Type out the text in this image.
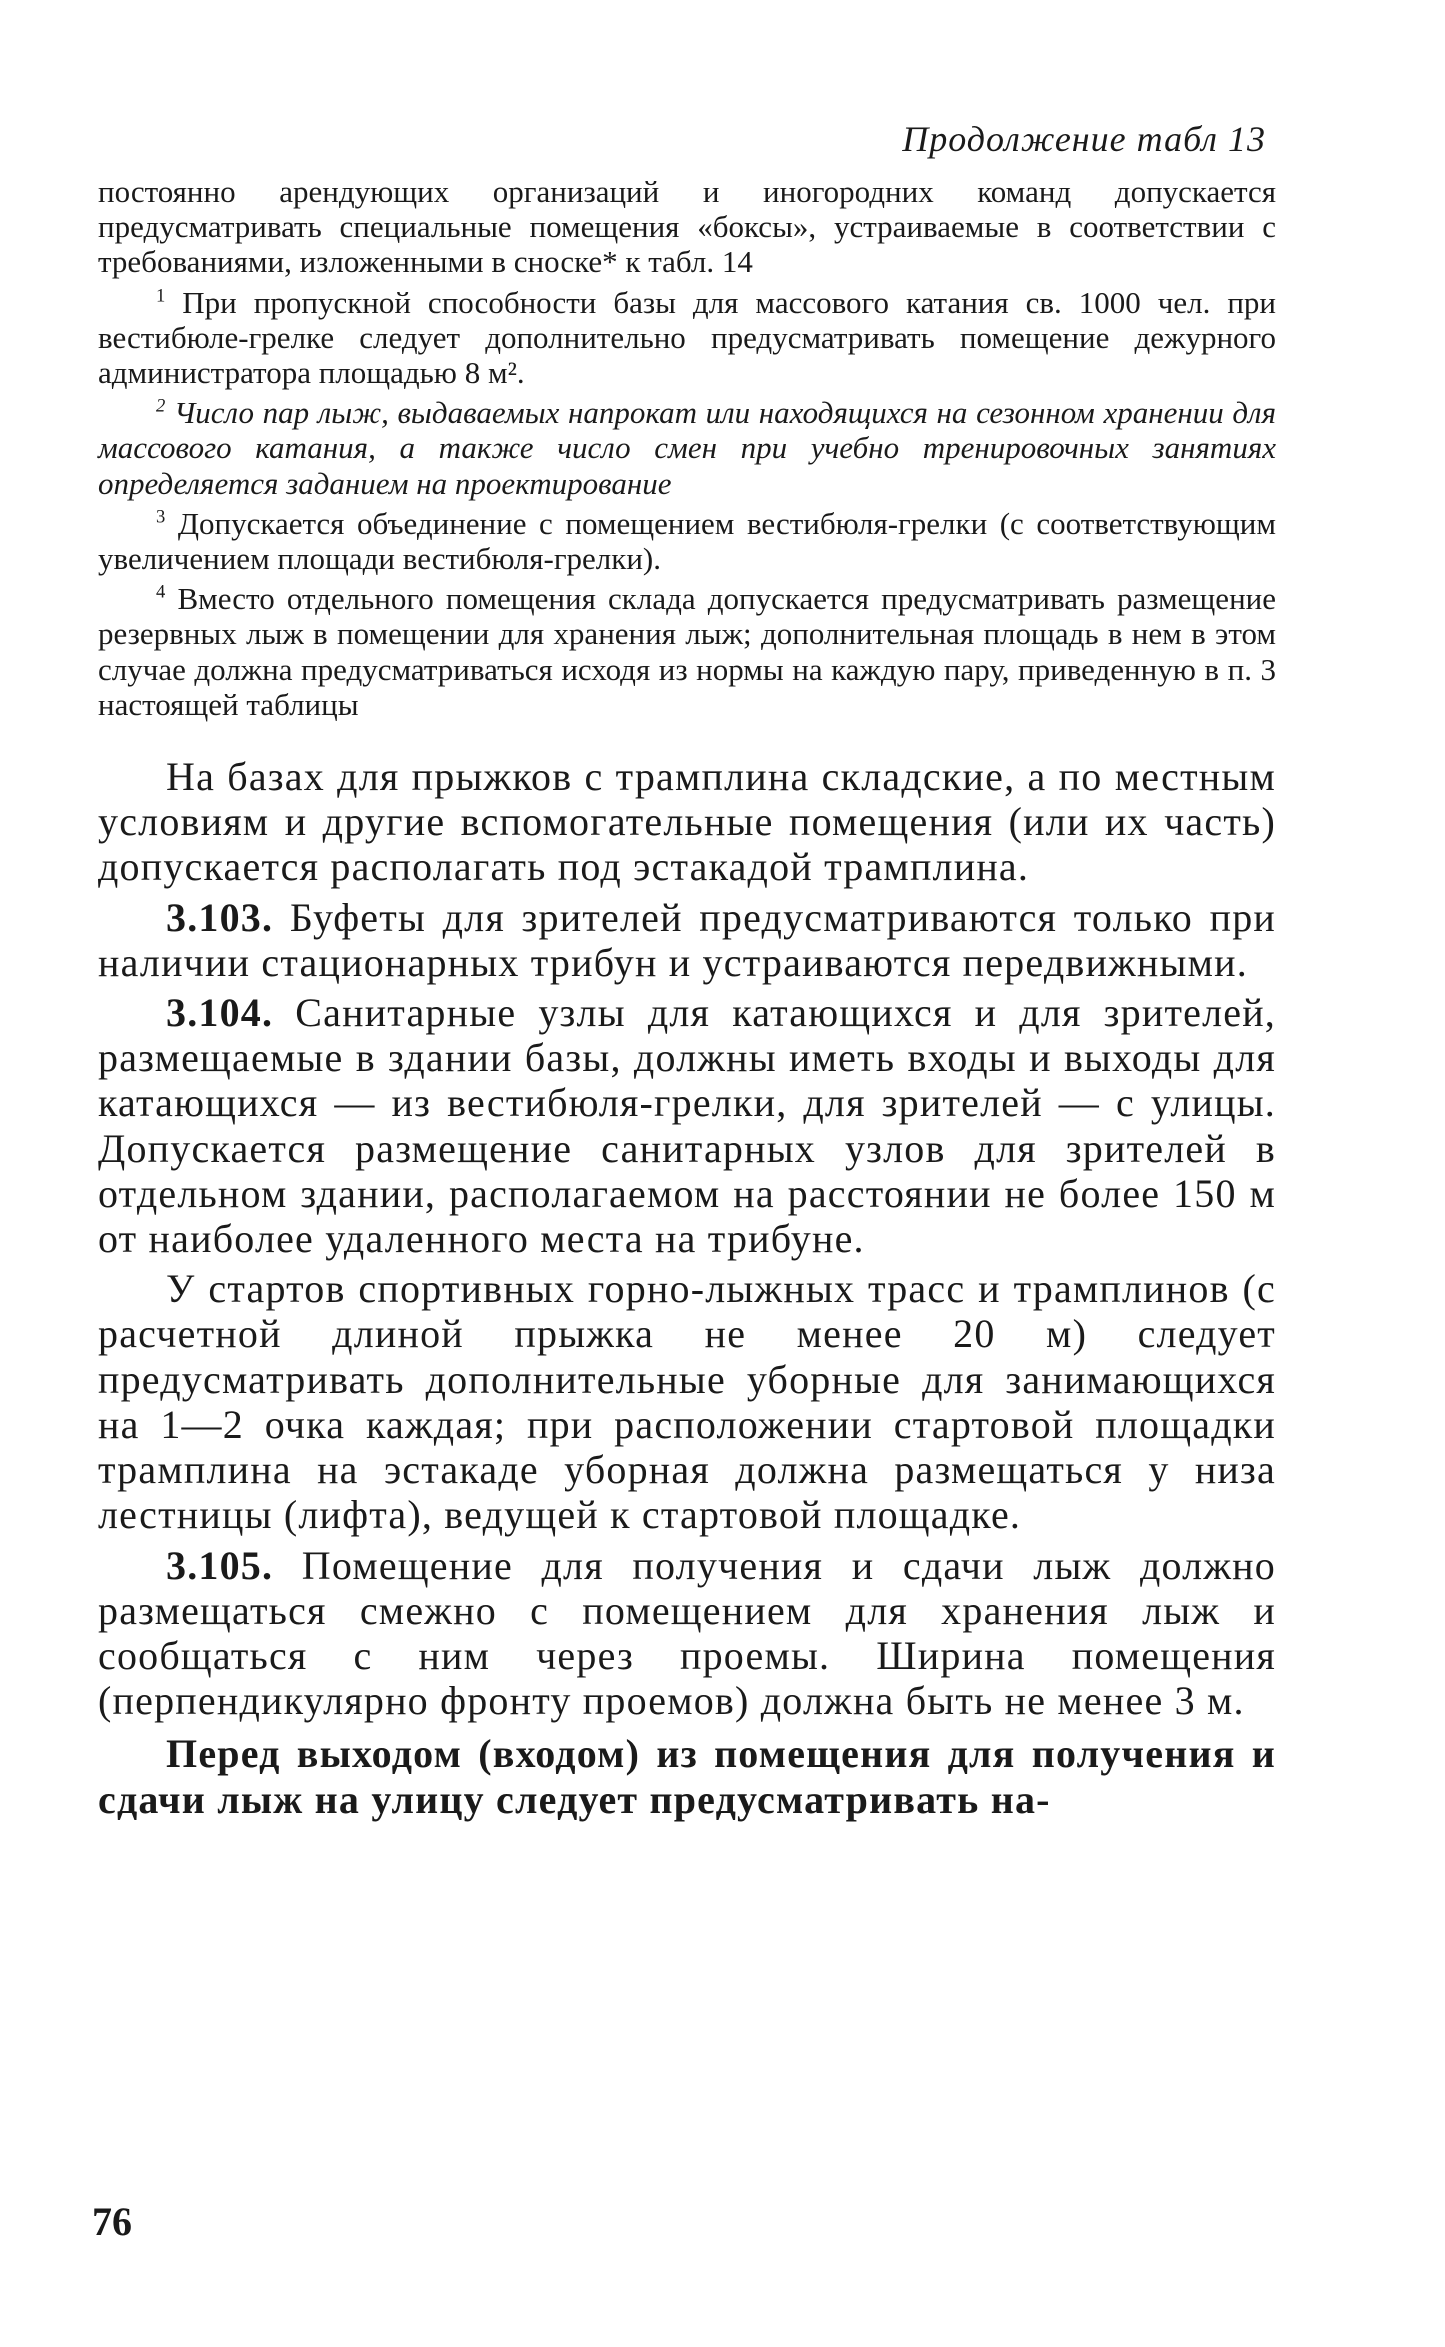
Продолжение табл 13

постоянно арендующих организаций и иногородних команд допускается предусматривать специальные помещения «боксы», устраиваемые в соответствии с требованиями, изложенными в сноске* к табл. 14

$^1$ При пропускной способности базы для массового катания св. 1000 чел. при вестибюле-грелке следует дополнительно предусматривать помещение дежурного администратора площадью 8 м².

$^2$ Число пар лыж, выдаваемых напрокат или находящихся на сезонном хранении для массового катания, а также число смен при учебно тренировочных занятиях определяется заданием на проектирование

$^3$ Допускается объединение с помещением вестибюля-грелки (с соответствующим увеличением площади вестибюля-грелки).

$^4$ Вместо отдельного помещения склада допускается предусматривать размещение резервных лыж в помещении для хранения лыж; дополнительная площадь в нем в этом случае должна предусматриваться исходя из нормы на каждую пару, приведенную в п. 3 настоящей таблицы

На базах для прыжков с трамплина складские, а по местным условиям и другие вспомогательные помещения (или их часть) допускается располагать под эстакадой трамплина.

3.103. Буфеты для зрителей предусматриваются только при наличии стационарных трибун и устраиваются передвижными.

3.104. Санитарные узлы для катающихся и для зрителей, размещаемые в здании базы, должны иметь входы и выходы для катающихся — из вестибюля-грелки, для зрителей — с улицы. Допускается размещение санитарных узлов для зрителей в отдельном здании, располагаемом на расстоянии не более 150 м от наиболее удаленного места на трибуне.

У стартов спортивных горно-лыжных трасс и трамплинов (с расчетной длиной прыжка не менее 20 м) следует предусматривать дополнительные уборные для занимающихся на 1—2 очка каждая; при расположении стартовой площадки трамплина на эстакаде уборная должна размещаться у низа лестницы (лифта), ведущей к стартовой площадке.

3.105. Помещение для получения и сдачи лыж должно размещаться смежно с помещением для хранения лыж и сообщаться с ним через проемы. Ширина помещения (перпендикулярно фронту проемов) должна быть не менее 3 м.

Перед выходом (входом) из помещения для получения и сдачи лыж на улицу следует предусматривать на-

76
